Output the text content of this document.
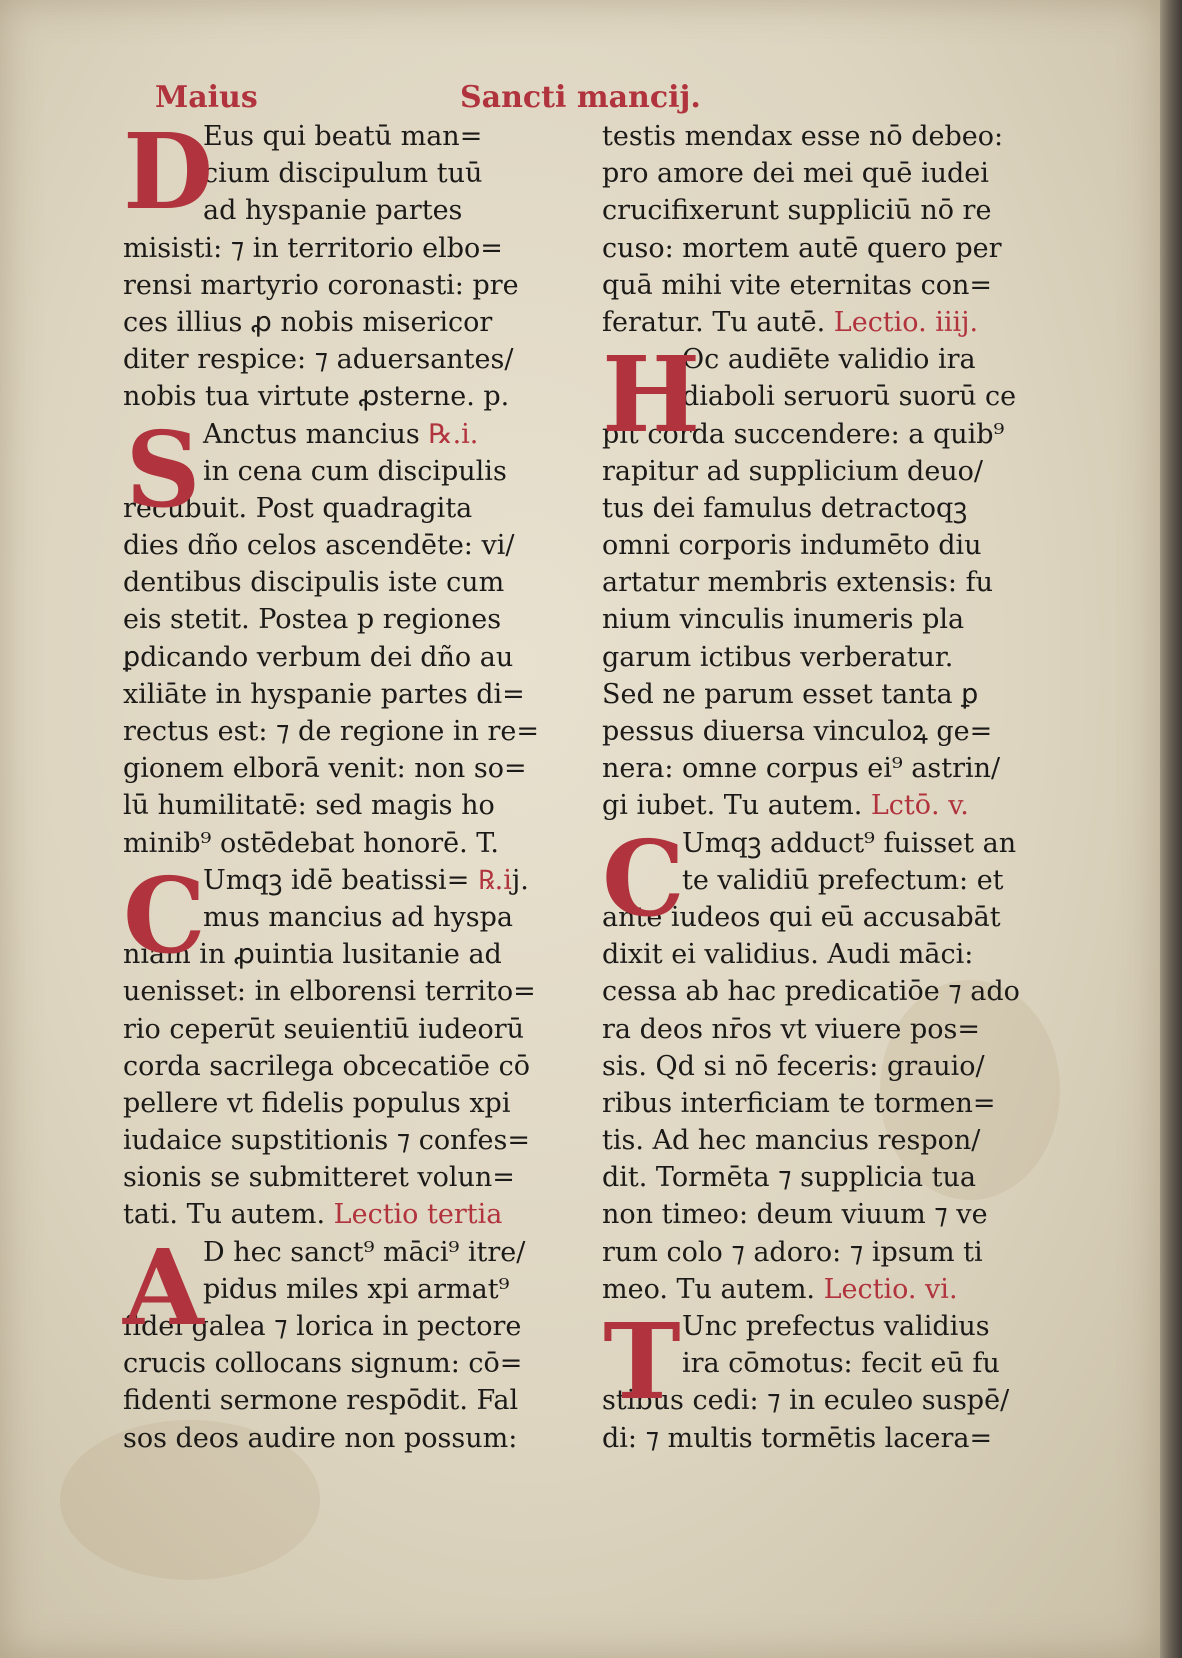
Maius	Sancti mancij.
D
Eus qui beatū man=
cium discipulum tuū
ad hyspanie partes
misisti: ⁊ in territorio elbo=
rensi martyrio coronasti: pre
ces illius ꝓ nobis misericor
diter respice: ⁊ aduersantes/
nobis tua virtute ꝓsterne. p.
S Anctus mancius ℞.i.
in cena cum discipulis
recubuit. Post quadragita
dies dño celos ascendēte: vi/
dentibus discipulis iste cum
eis stetit. Postea p regiones
ꝑdicando verbum dei dño au
xiliāte in hyspanie partes di=
rectus est: ⁊ de regione in re=
gionem elborā venit: non so=
lū humilitatē: sed magis ho
minib⁹ ostēdebat honorē. T.
C
Umqꝫ idē beatissi= ℞.ij.
mus mancius ad hyspa
niam in ꝓuintia lusitanie ad
uenisset: in elborensi territo=
rio ceperūt seuientiū iudeorū
corda sacrilega obcecatiōe cō
pellere vt fidelis populus xpi
iudaice supstitionis ⁊ confes=
sionis se submitteret volun=
tati. Tu autem. Lectio tertia
A D hec sanct⁹ māci⁹ itre/
pidus miles xpi armat⁹
fidei galea ⁊ lorica in pectore
crucis collocans signum: cō=
fidenti sermone respōdit. Fal
sos deos audire non possum:
testis mendax esse nō debeo:
pro amore dei mei quē iudei
crucifixerunt suppliciū nō re
cuso: mortem autē quero per
quā mihi vite eternitas con=
feratur. Tu autē. Lectio. iiij.
H
Oc audiēte validio ira
diaboli seruorū suorū ce
pit corda succendere: a quib⁹
rapitur ad supplicium deuo/
tus dei famulus detractoqꝫ
omni corporis indumēto diu
artatur membris extensis: fu
nium vinculis inumeris pla
garum ictibus verberatur.
Sed ne parum esset tanta ꝑ
pessus diuersa vinculoꝝ ge=
nera: omne corpus ei⁹ astrin/
gi iubet. Tu autem. Lctō. v.
C
Umqꝫ adduct⁹ fuisset an
te validiū prefectum: et
ante iudeos qui eū accusabāt
dixit ei validius. Audi māci:
cessa ab hac predicatiōe ⁊ ado
ra deos nr̄os vt viuere pos=
sis. Qd si nō feceris: grauio/
ribus interficiam te tormen=
tis. Ad hec mancius respon/
dit. Tormēta ⁊ supplicia tua
non timeo: deum viuum ⁊ ve
rum colo ⁊ adoro: ⁊ ipsum ti
meo. Tu autem. Lectio. vi.
T Unc prefectus validius
ira cōmotus: fecit eū fu
stibus cedi: ⁊ in eculeo suspē/
di: ⁊ multis tormētis lacera=
